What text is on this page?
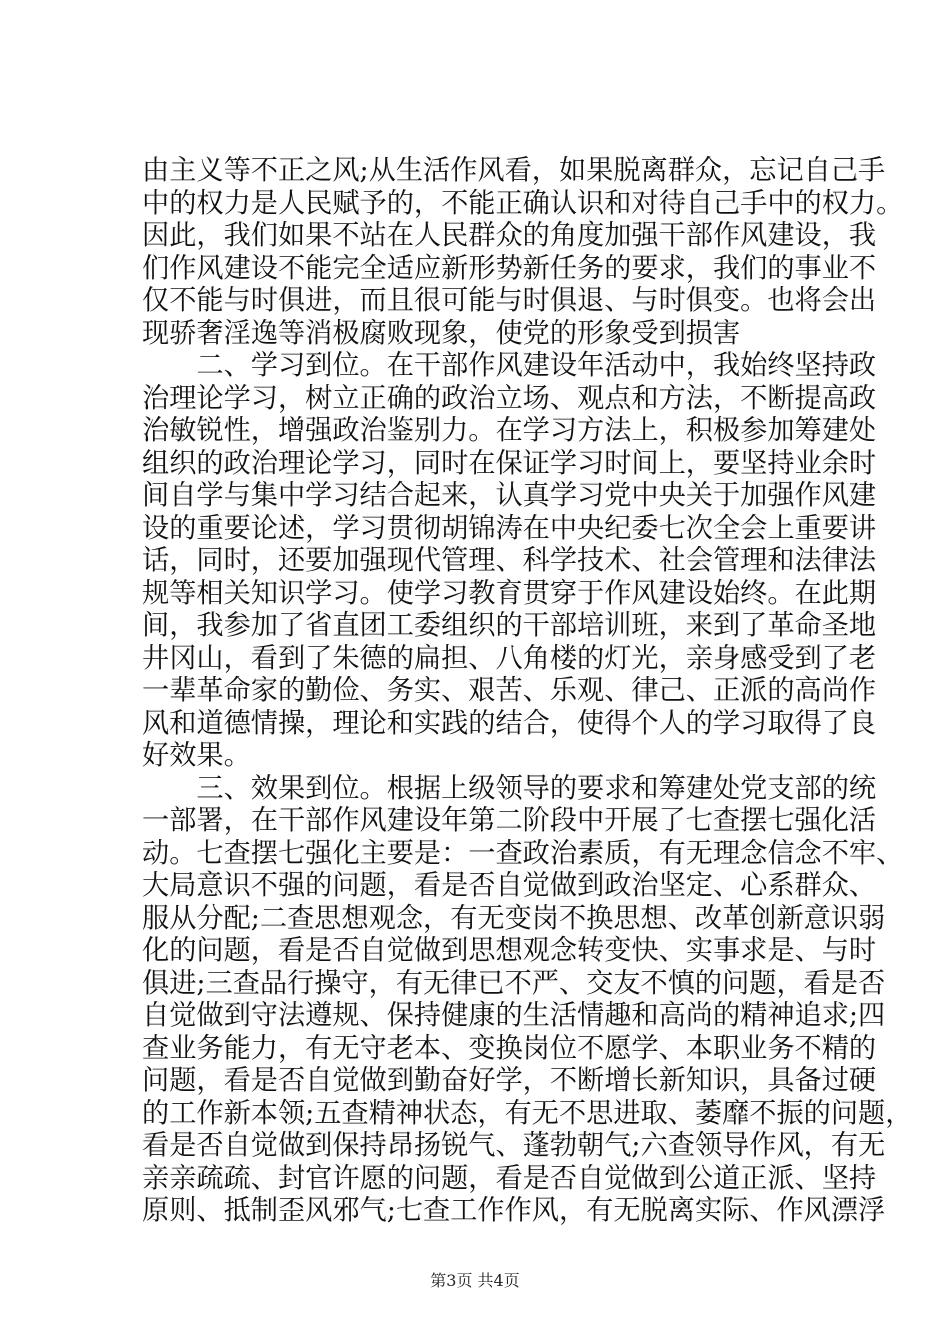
由主义等不正之风;从生活作风看，如果脱离群众，忘记自己手
中的权力是人民赋予的，不能正确认识和对待自己手中的权力。
因此，我们如果不站在人民群众的角度加强干部作风建设，我
们作风建设不能完全适应新形势新任务的要求，我们的事业不
仅不能与时俱进，而且很可能与时俱退、与时俱变。也将会出
现骄奢淫逸等消极腐败现象，使党的形象受到损害
　　二、学习到位。在干部作风建设年活动中，我始终坚持政
治理论学习，树立正确的政治立场、观点和方法，不断提高政
治敏锐性，增强政治鉴别力。在学习方法上，积极参加筹建处
组织的政治理论学习，同时在保证学习时间上，要坚持业余时
间自学与集中学习结合起来，认真学习党中央关于加强作风建
设的重要论述，学习贯彻胡锦涛在中央纪委七次全会上重要讲
话，同时，还要加强现代管理、科学技术、社会管理和法律法
规等相关知识学习。使学习教育贯穿于作风建设始终。在此期
间，我参加了省直团工委组织的干部培训班，来到了革命圣地
井冈山，看到了朱德的扁担、八角楼的灯光，亲身感受到了老
一辈革命家的勤俭、务实、艰苦、乐观、律己、正派的高尚作
风和道德情操，理论和实践的结合，使得个人的学习取得了良
好效果。
　　三、效果到位。根据上级领导的要求和筹建处党支部的统
一部署，在干部作风建设年第二阶段中开展了七查摆七强化活
动。七查摆七强化主要是：一查政治素质，有无理念信念不牢、
大局意识不强的问题，看是否自觉做到政治坚定、心系群众、
服从分配;二查思想观念，有无变岗不换思想、改革创新意识弱
化的问题，看是否自觉做到思想观念转变快、实事求是、与时
俱进;三查品行操守，有无律已不严、交友不慎的问题，看是否
自觉做到守法遵规、保持健康的生活情趣和高尚的精神追求;四
查业务能力，有无守老本、变换岗位不愿学、本职业务不精的
问题，看是否自觉做到勤奋好学，不断增长新知识，具备过硬
的工作新本领;五查精神状态，有无不思进取、萎靡不振的问题，
看是否自觉做到保持昂扬锐气、蓬勃朝气;六查领导作风，有无
亲亲疏疏、封官许愿的问题，看是否自觉做到公道正派、坚持
原则、抵制歪风邪气;七查工作作风，有无脱离实际、作风漂浮
第3页 共4页
